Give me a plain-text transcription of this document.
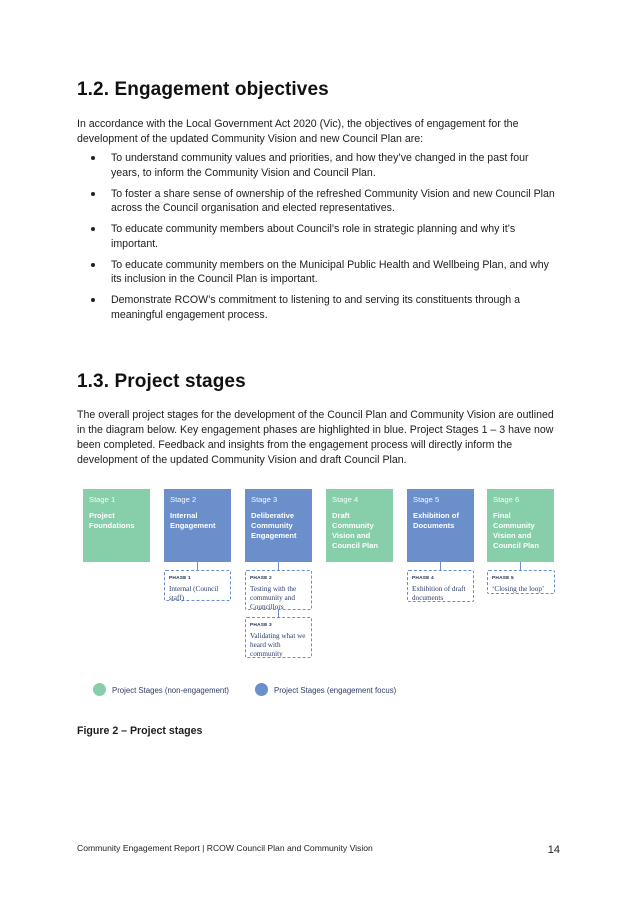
1.2. Engagement objectives

In accordance with the Local Government Act 2020 (Vic), the objectives of engagement for the development of the updated Community Vision and new Council Plan are:

To understand community values and priorities, and how they’ve changed in the past four years, to inform the Community Vision and Council Plan.
To foster a share sense of ownership of the refreshed Community Vision and new Council Plan across the Council organisation and elected representatives.
To educate community members about Council’s role in strategic planning and why it’s important.
To educate community members on the Municipal Public Health and Wellbeing Plan, and why its inclusion in the Council Plan is important.
Demonstrate RCOW’s commitment to listening to and serving its constituents through a meaningful engagement process.
1.3. Project stages

The overall project stages for the development of the Council Plan and Community Vision are outlined in the diagram below. Key engagement phases are highlighted in blue. Project Stages 1 – 3 have now been completed. Feedback and insights from the engagement process will directly inform the development of the updated Community Vision and draft Council Plan.

Stage 1
Project Foundations
Stage 2
Internal Engagement
Stage 3
Deliberative Community Engagement
Stage 4
Draft Community Vision and Council Plan
Stage 5
Exhibition of Documents
Stage 6
Final Community Vision and Council Plan
PHASE 1
Internal (Council staff)
PHASE 2
Testing with the community and Councillors
PHASE 3
Validating what we heard with community
PHASE 4
Exhibition of draft documents
PHASE 5
‘Closing the loop’
Project Stages (non-engagement)	Project Stages (engagement focus)

Figure 2 – Project stages

Community Engagement Report | RCOW Council Plan and Community Vision	14
